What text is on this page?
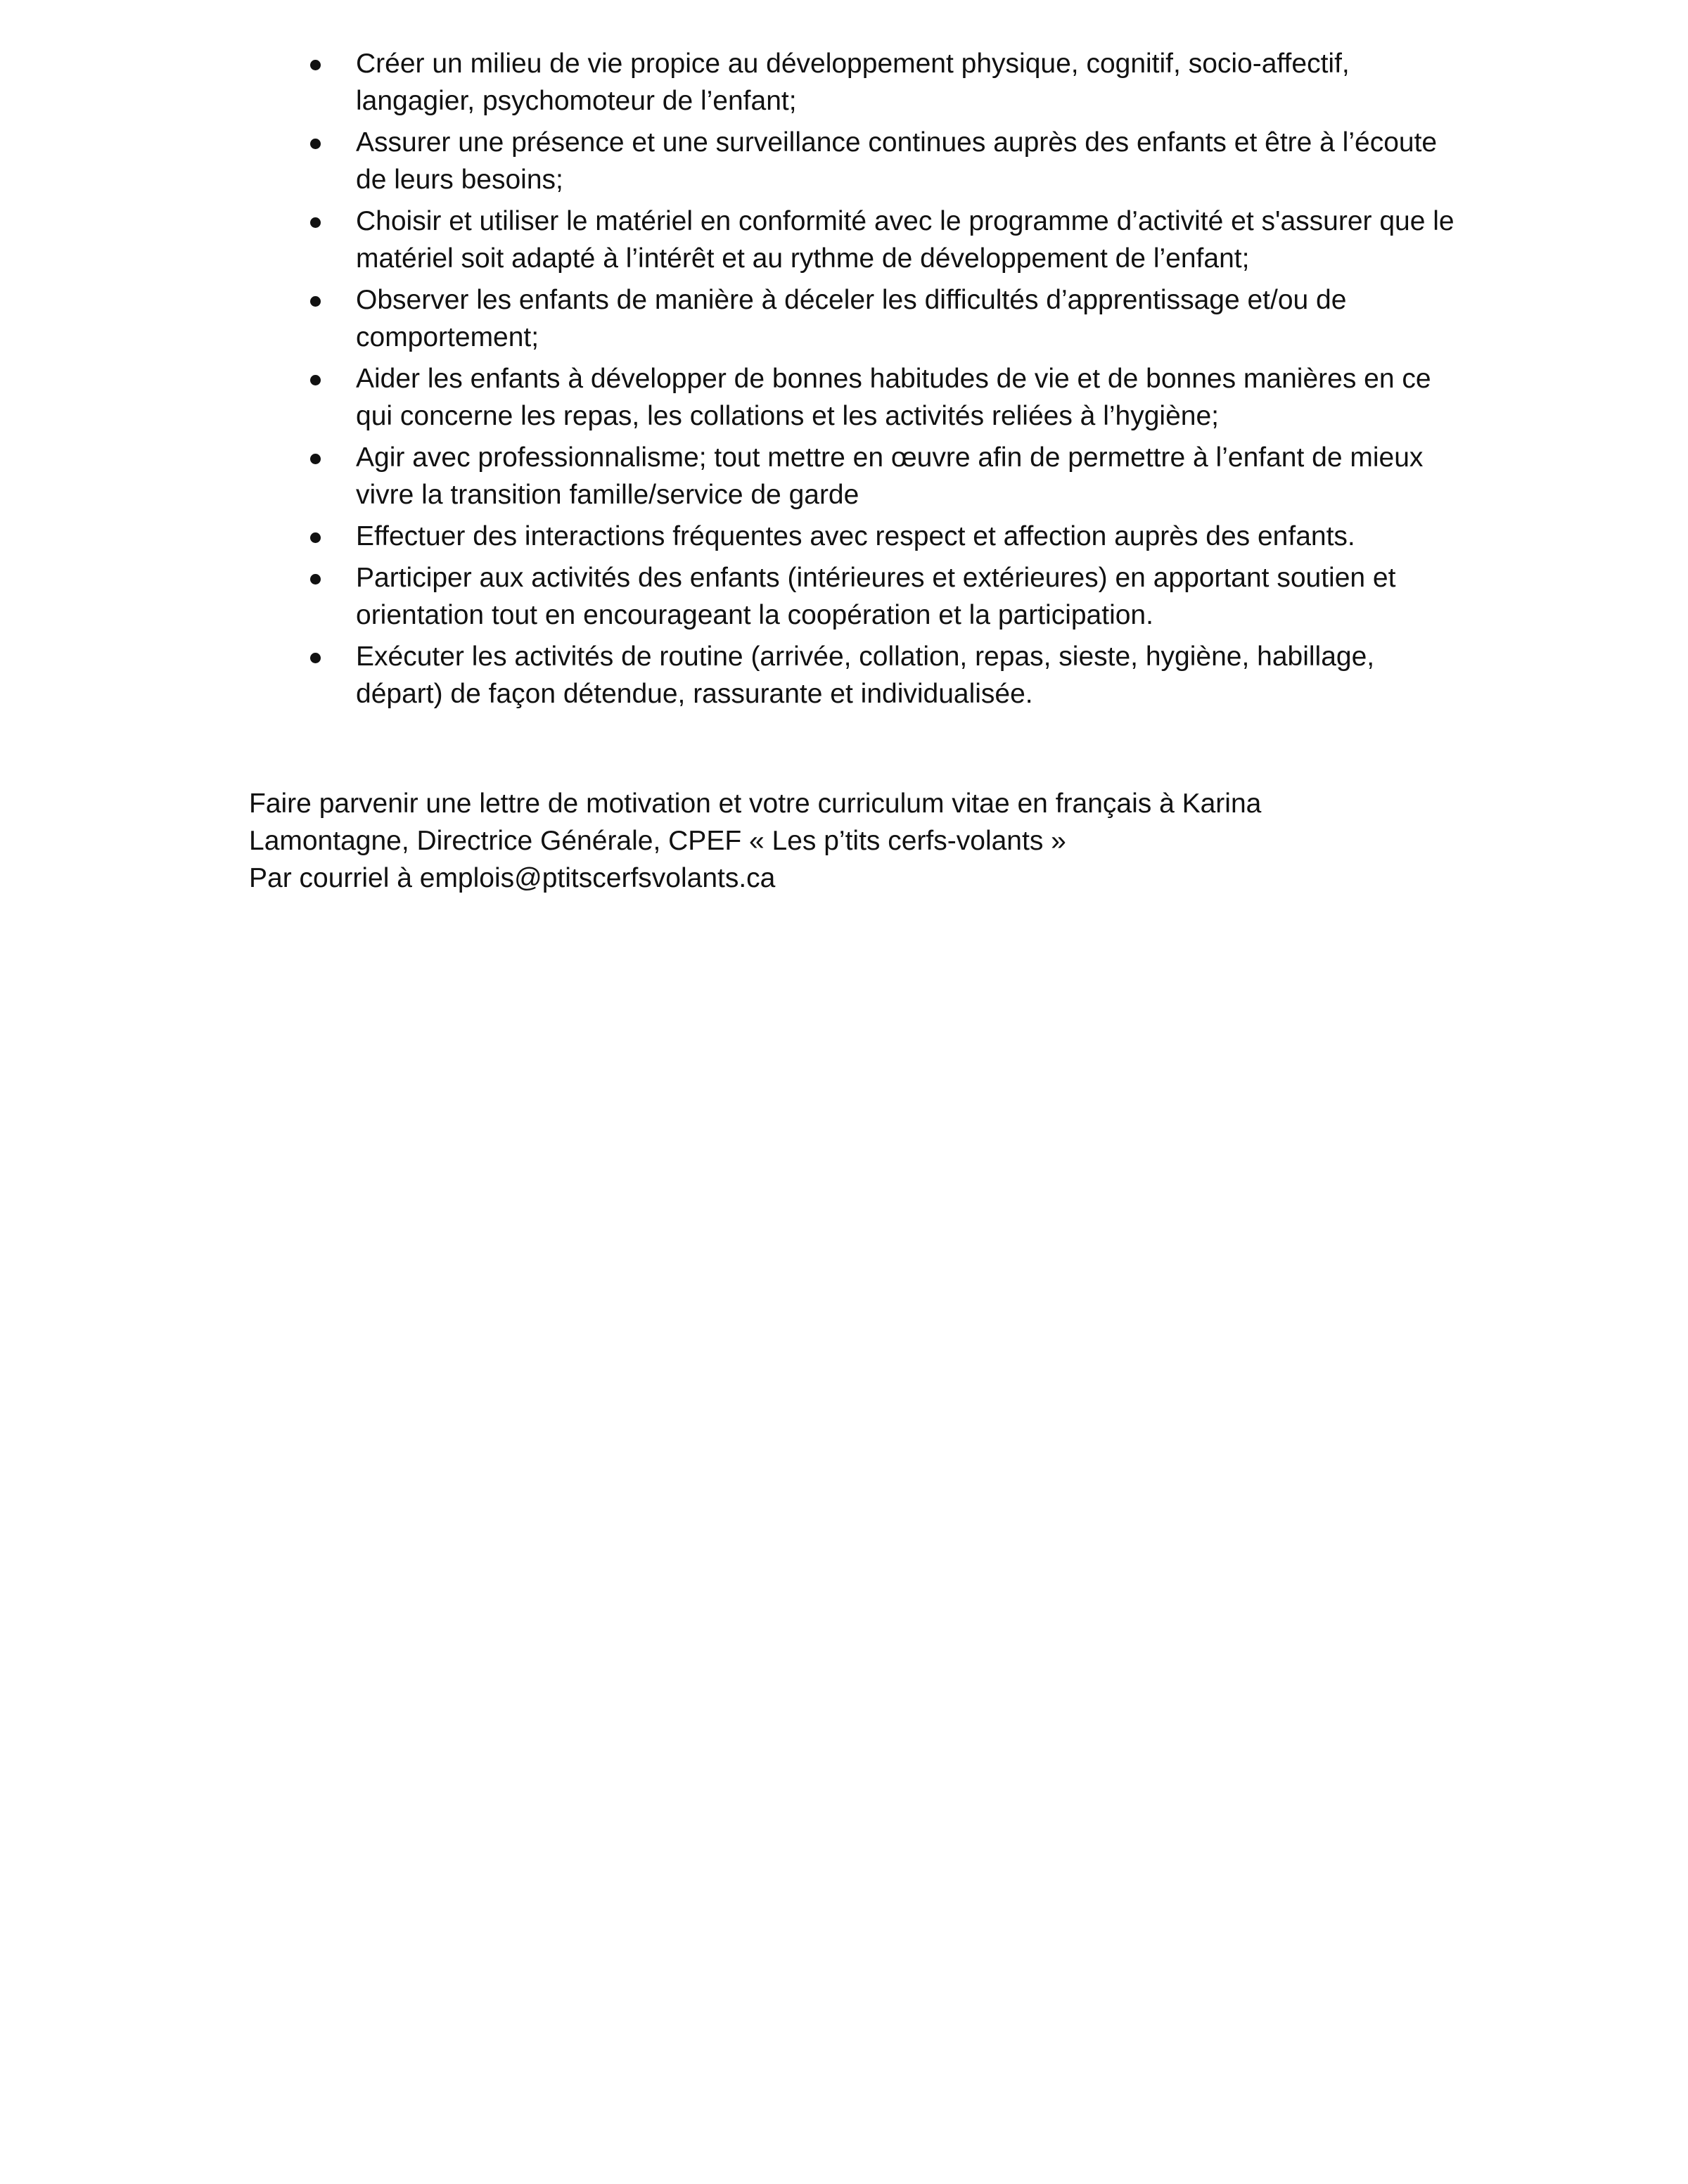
Créer un milieu de vie propice au développement physique, cognitif, socio-affectif, langagier, psychomoteur de l’enfant;
Assurer une présence et une surveillance continues auprès des enfants et être à l’écoute de leurs besoins;
Choisir et utiliser le matériel en conformité avec le programme d’activité et s'assurer que le matériel soit adapté à l’intérêt et au rythme de développement de l’enfant;
Observer les enfants de manière à déceler les difficultés d’apprentissage et/ou de comportement;
Aider les enfants à développer de bonnes habitudes de vie et de bonnes manières en ce qui concerne les repas, les collations et les activités reliées à l’hygiène;
Agir avec professionnalisme; tout mettre en œuvre afin de permettre à l’enfant de mieux vivre la transition famille/service de garde
Effectuer des interactions fréquentes avec respect et affection auprès des enfants.
Participer aux activités des enfants (intérieures et extérieures) en apportant soutien et orientation tout en encourageant la coopération et la participation.
Exécuter les activités de routine (arrivée, collation, repas, sieste, hygiène, habillage, départ) de façon détendue, rassurante et individualisée.
Faire parvenir une lettre de motivation et votre curriculum vitae en français à Karina
Lamontagne, Directrice Générale, CPEF « Les p’tits cerfs-volants »
Par courriel à emplois@ptitscerfsvolants.ca
